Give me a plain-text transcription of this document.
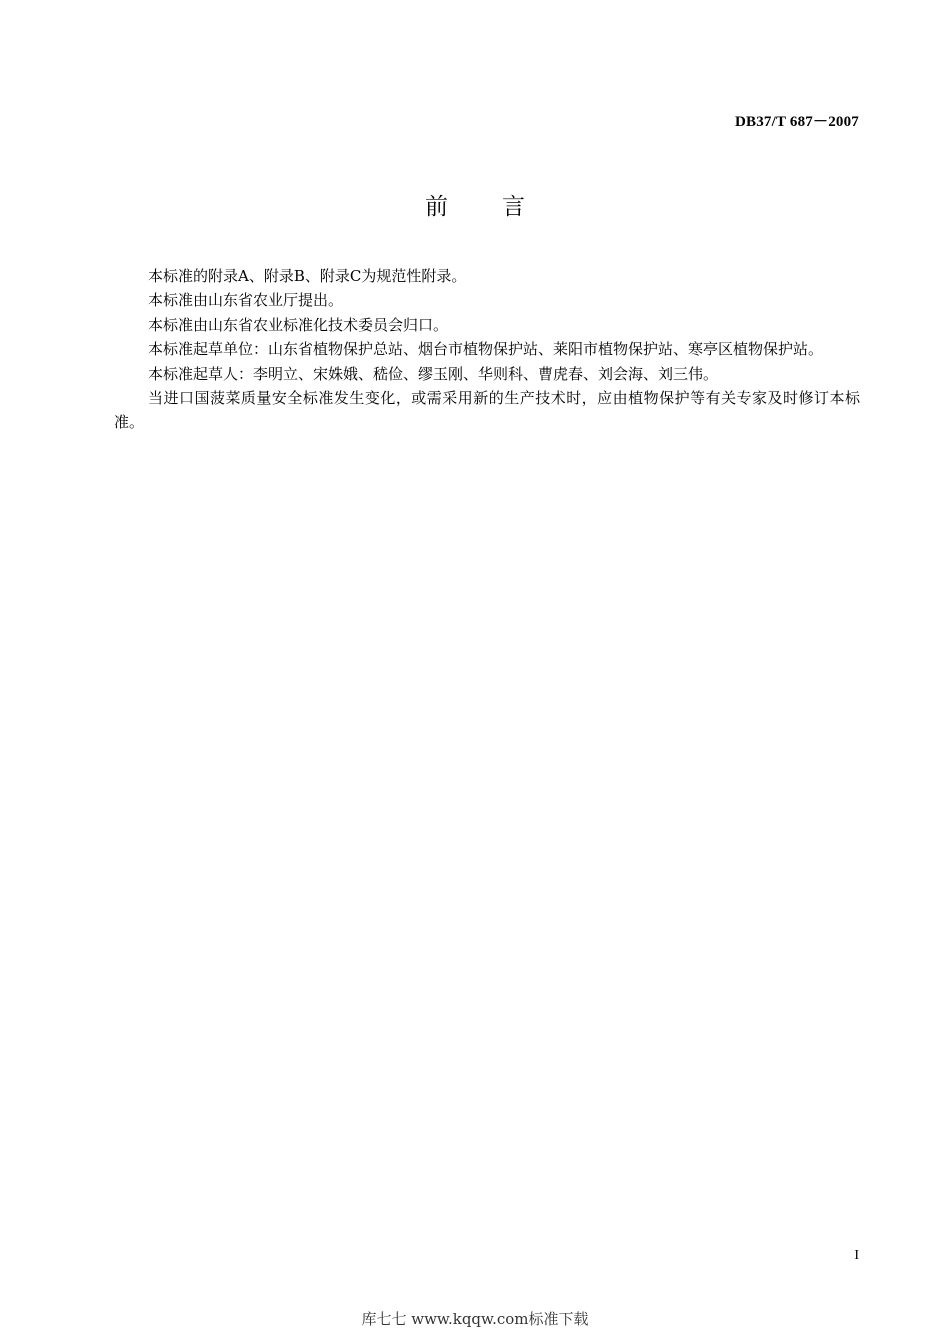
DB37/T 687－2007
前言

本标准的附录A、附录B、附录C为规范性附录。

本标准由山东省农业厅提出。

本标准由山东省农业标准化技术委员会归口。

本标准起草单位：山东省植物保护总站、烟台市植物保护站、莱阳市植物保护站、寒亭区植物保护站。

本标准起草人：李明立、宋姝娥、嵇俭、缪玉刚、华则科、曹虎春、刘会海、刘三伟。

当进口国菠菜质量安全标准发生变化，或需采用新的生产技术时，应由植物保护等有关专家及时修订本标准。

I
库七七 www.kqqw.com标准下载
